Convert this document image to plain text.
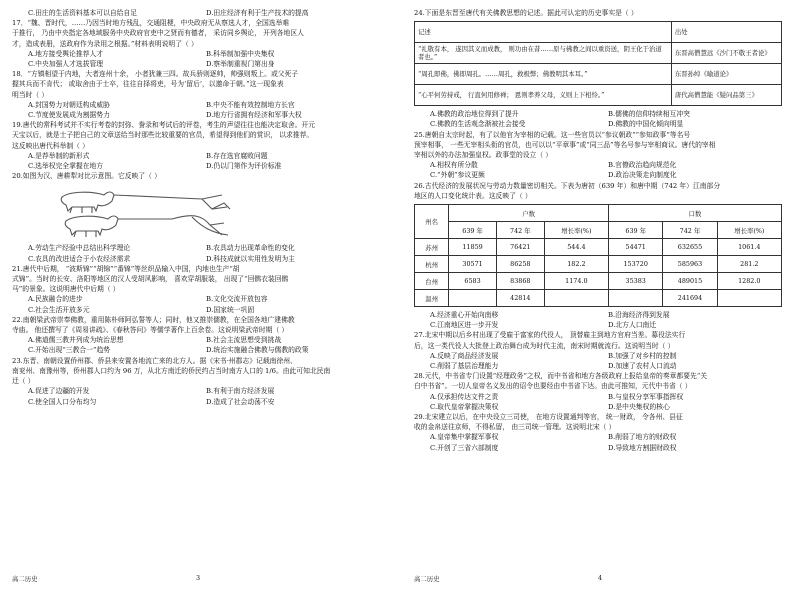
C.田庄的生活资料基本可以自给自足	D.田庄经济有利于生产技术的提高

17．“魏、晋时代，……乃因当时地方残乱，交通阻梗，中央政府无从察选人才，全国选举难

于推行， 乃由中央指定各地域服务中央政府官吏中之贤而有德者， 采访同乡舆论， 开列各地区人

才，造成表册，送政府作为录用之根据。”材料表明说明了（ ）

A.地方接受舆论推荐人才	B.科举制加强中央集权
C.中央加强人才选拔管理	D.察举制重视门第出身

18．“方镇相望于内地，大者连州十余， 小者犹兼三四。故兵骄则逐帅，帅强则叛上。或父死子

握其兵而不肯代； 或取舍由于士卒，往往自择将吏，号为‘留后’，以邀命于朝。”这一现象表

明当时（ ）

A.封国势力对朝廷构成威胁	B.中央不能有效控制地方长官
C.节度使发展成为割据势力	D.地方行省拥有经济和军事大权

19.唐代的常科考试并不实行考卷的封弥、誊录和考试后的评卷，考生的声望往往也能决定取舍。开元

天宝以后，就是士子把自己的文章送给当时那些比较重要的官员，希望得到他们的赏识， 以求推荐。

这反映出唐代科举制（ ）

A.是荐举制的新形式	B.存在选官腐败问题
C.选举权完全掌握在地方	D.仍以门第作为评价标准

20.如图为汉、唐耕犁对比示意图。它反映了（ ）

A.劳动生产经验中总结出科学理论	B.农具动力出现革命性的变化
C.农具的改进适合于小农经济需求	D.科技成就以实用性发明为主

21.唐代中后期， “波斯锦”“胡锦”“番锦”等丝织品输入中国，内地也生产“胡

式锦”。当时的长安、洛阳等地区的汉人受胡风影响， 喜欢穿胡服装， 出现了“回鹘衣装回鹘

马”的景象。这说明唐代中后期（ ）

A.民族融合的进步	B.文化交流开放包容
C.社会生活开放多元	D.国家统一巩固

22.南朝梁武帝崇奉佛教，重用陈朴师阿弘誓等人；同时，他又推崇儒教，在全国各地广建佛教

寺庙。 他还撰写了《周易讲疏》、《春秋答问》等儒学著作上百余卷。这说明梁武帝时期（ ）

A.佛道儒三教并列成为统治思想	B.社会主流思想受到挑战
C.开始出现“三教合一”趋势	D.统治实施融合佛教与儒教的政策

23.东晋、南朝设置侨州郡、侨县来安置各地流亡来的北方人。据《宋书·州郡志》记载南徐州、

南兖州、南豫州等，侨州郡人口约为 96 万，从北方南迁的侨民约占当时南方人口的 1/6。由此可知北民南

迁（ ）

A.促进了边疆的开发	B.有利于南方经济发展
C.使全国人口分布均匀	D.造成了社会动荡不安
高二历史	3

24.下面是东晋至唐代有关佛教思想的记述。据此可认定的历史事实是（ ）

记述	出处
“礼敬有本， 遂因其义而成教， 则功由在昔……原与佛教之间以重资送，阴王化于治道者也。”	东晋高僧慧远《沙门不敬王者论》
“周孔即佛，佛即周孔。……周孔，救极弊；佛教明其本耳。”	东晋孙绰《喻道论》
“心平何劳持戒， 行直何用修禅； 恩则孝养父母，义则上下相怜。”	唐代高僧慧能《疑问品第三》
A.佛教的政治地位得到了提升	B.儒佛的信仰持续相互冲突
C.佛教的生活观念渐被社会接受	D.佛教的中国化倾向明显

25.唐朝自太宗时起，有了以他官为宰相的记载。这一些官员以“参议朝政”“参知政事”等名号

预宰相事， 一些无宰相头衔的官员，也可以以“平章事”或“同三品”等名号参与宰相商议。唐代的宰相

宰相以外的办法加强皇权。政事堂的设立（ ）

A.相权有所分散	B.官僚政治趋向规范化
C.“外朝”参议更频	D.政治决策走向制度化

26.古代经济的发展状况与劳动力数量密切相关。下表为唐初（639 年）和唐中期（742 年）江南部分

地区的人口变化统计表。这反映了（ ）

州名	户数			口数		
	639 年	742 年	增长率(%)	639 年	742 年	增长率(%)
苏州	11859	76421	544.4	54471	632655	1061.4
杭州	30571	86258	182.2	153720	585963	281.2
台州	6583	83868	1174.0	35383	489015	1282.0
温州		42814			241694	
A.经济重心开始向南移	B.沿海经济得到发展
C.江南地区进一步开发	D.北方人口南迁

27.北宋中期以后乡村出现了受雇于富家的代役人， 顶替雇主到地方官府当差。募役法实行

后，这一类代役人大批登上政治舞台成为时代主流，南宋时期就流行。这说明当时（ ）

A.反映了商品经济发展	B.加强了对乡村的控制
C.削弱了基层治理能力	D.加速了农村人口流动

28.元代，中书省专门设置“经理政务”之权，而中书省和地方各级政府上报给皇帝的奏章都要先“关

白中书省”。一切人皇帝名义发出的诏令也要经由中书省下达。由此可推知，元代中书省（ ）

A.仅承担传达文件之责	B.与皇权分享军事指挥权
C.取代皇帝掌握决策权	D.是中央集权的核心

29.北宋建立以后，在中央设立三司使， 在地方设置通判等官， 统一财政， 令各州、县征

收的金帛送往京师，不得私留， 由三司统一管理。这说明北宋（ ）

A.皇帝集中掌握军事权	B.削弱了地方的财政权
C.开创了三省六部制度	D.导致地方割据财政权
高二历史	4
